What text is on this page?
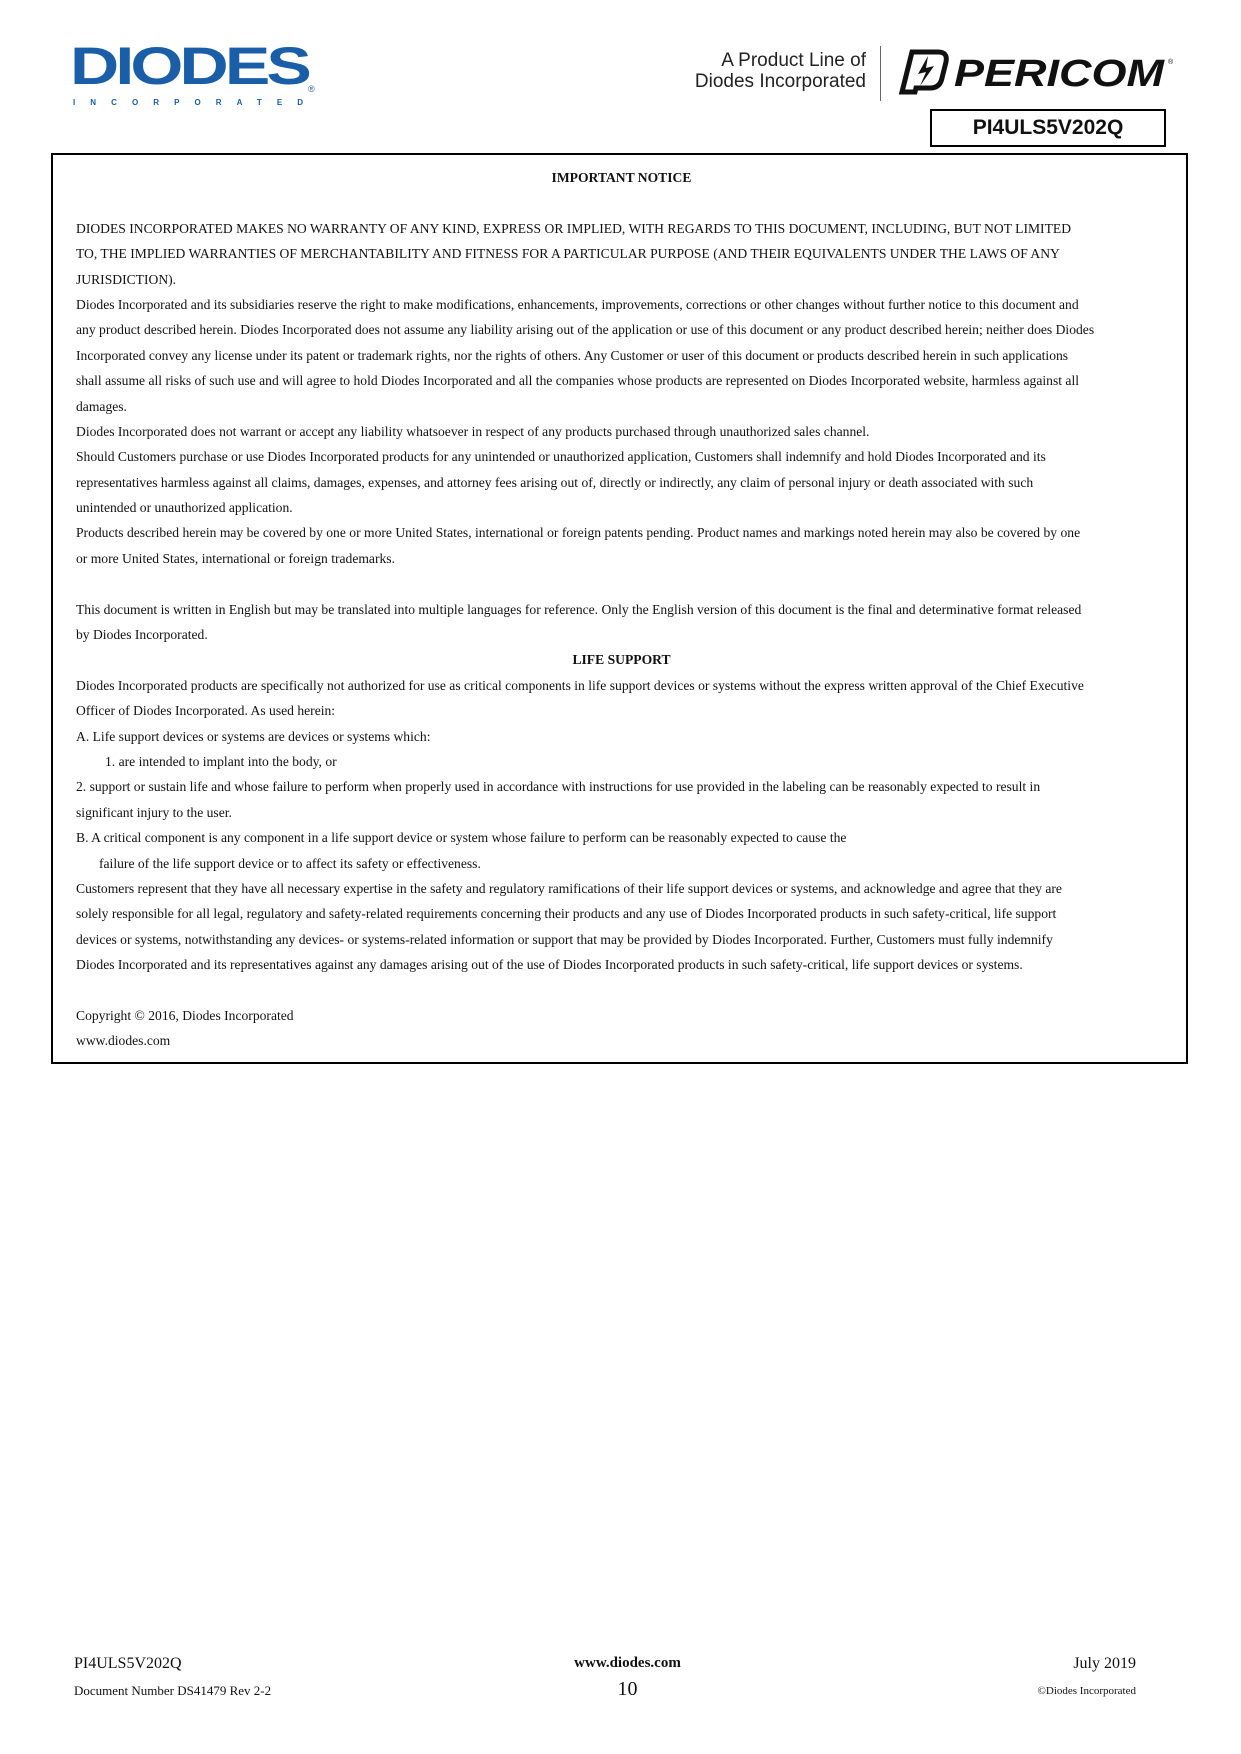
DIODES
INCORPORATED
®
A Product Line of
Diodes Incorporated PERICOM ®
PI4ULS5V202Q
IMPORTANT NOTICE
DIODES INCORPORATED MAKES NO WARRANTY OF ANY KIND, EXPRESS OR IMPLIED, WITH REGARDS TO THIS DOCUMENT, INCLUDING, BUT NOT LIMITED
TO, THE IMPLIED WARRANTIES OF MERCHANTABILITY AND FITNESS FOR A PARTICULAR PURPOSE (AND THEIR EQUIVALENTS UNDER THE LAWS OF ANY
JURISDICTION).
Diodes Incorporated and its subsidiaries reserve the right to make modifications, enhancements, improvements, corrections or other changes without further notice to this document and
any product described herein. Diodes Incorporated does not assume any liability arising out of the application or use of this document or any product described herein; neither does Diodes
Incorporated convey any license under its patent or trademark rights, nor the rights of others. Any Customer or user of this document or products described herein in such applications
shall assume all risks of such use and will agree to hold Diodes Incorporated and all the companies whose products are represented on Diodes Incorporated website, harmless against all
damages.
Diodes Incorporated does not warrant or accept any liability whatsoever in respect of any products purchased through unauthorized sales channel.
Should Customers purchase or use Diodes Incorporated products for any unintended or unauthorized application, Customers shall indemnify and hold Diodes Incorporated and its
representatives harmless against all claims, damages, expenses, and attorney fees arising out of, directly or indirectly, any claim of personal injury or death associated with such
unintended or unauthorized application.
Products described herein may be covered by one or more United States, international or foreign patents pending. Product names and markings noted herein may also be covered by one
or more United States, international or foreign trademarks.
This document is written in English but may be translated into multiple languages for reference. Only the English version of this document is the final and determinative format released
by Diodes Incorporated.
LIFE SUPPORT
Diodes Incorporated products are specifically not authorized for use as critical components in life support devices or systems without the express written approval of the Chief Executive
Officer of Diodes Incorporated. As used herein:
A. Life support devices or systems are devices or systems which:
1. are intended to implant into the body, or
2. support or sustain life and whose failure to perform when properly used in accordance with instructions for use provided in the labeling can be reasonably expected to result in
significant injury to the user.
B. A critical component is any component in a life support device or system whose failure to perform can be reasonably expected to cause the
failure of the life support device or to affect its safety or effectiveness.
Customers represent that they have all necessary expertise in the safety and regulatory ramifications of their life support devices or systems, and acknowledge and agree that they are
solely responsible for all legal, regulatory and safety-related requirements concerning their products and any use of Diodes Incorporated products in such safety-critical, life support
devices or systems, notwithstanding any devices- or systems-related information or support that may be provided by Diodes Incorporated. Further, Customers must fully indemnify
Diodes Incorporated and its representatives against any damages arising out of the use of Diodes Incorporated products in such safety-critical, life support devices or systems.
Copyright © 2016, Diodes Incorporated
www.diodes.com
PI4ULS5V202Q
Document Number DS41479 Rev 2-2
www.diodes.com
10
July 2019
©Diodes Incorporated
